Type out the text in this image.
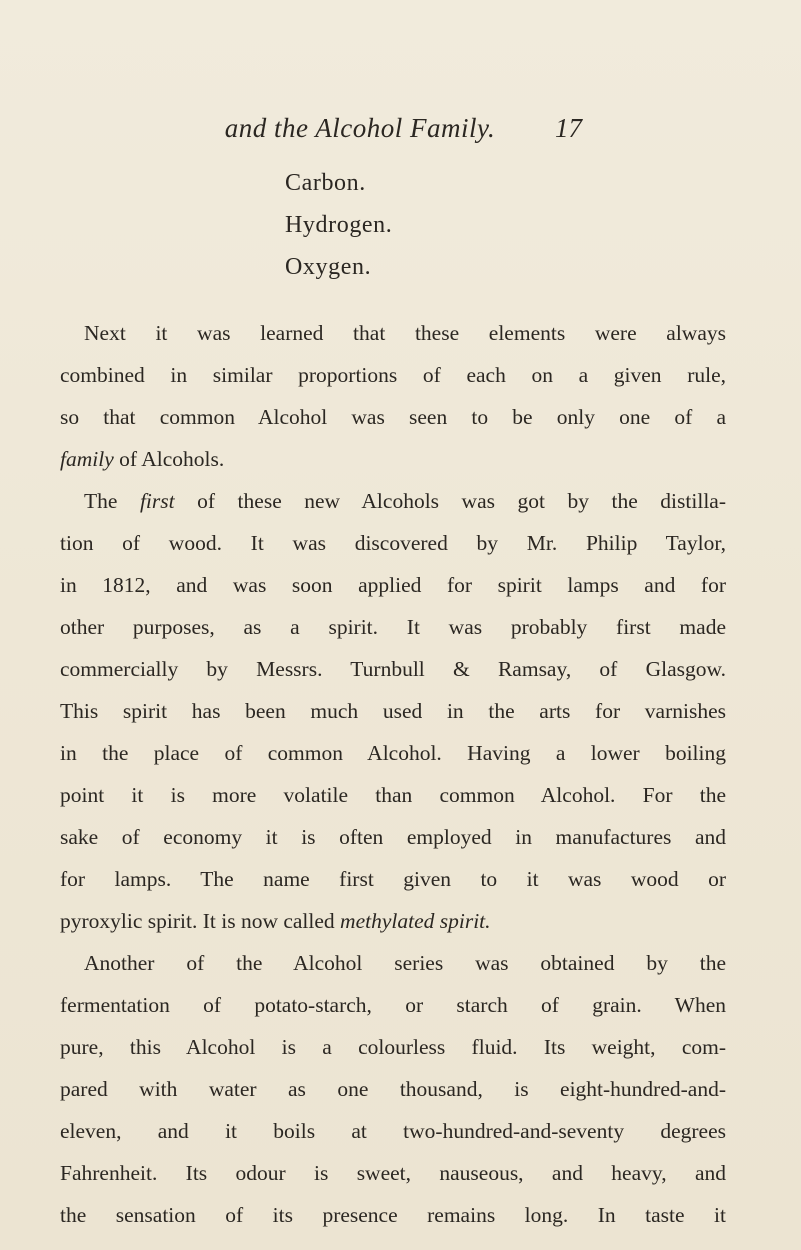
and the Alcohol Family.	17
Carbon.
Hydrogen.
Oxygen.
Next it was learned that these elements were always
combined in similar proportions of each on a given rule,
so that common Alcohol was seen to be only one of a
family of Alcohols.
The first of these new Alcohols was got by the distilla-
tion of wood. It was discovered by Mr. Philip Taylor,
in 1812, and was soon applied for spirit lamps and for
other purposes, as a spirit. It was probably first made
commercially by Messrs. Turnbull & Ramsay, of Glasgow.
This spirit has been much used in the arts for varnishes
in the place of common Alcohol. Having a lower boiling
point it is more volatile than common Alcohol. For the
sake of economy it is often employed in manufactures and
for lamps. The name first given to it was wood or
pyroxylic spirit. It is now called methylated spirit.
Another of the Alcohol series was obtained by the
fermentation of potato-starch, or starch of grain. When
pure, this Alcohol is a colourless fluid. Its weight, com-
pared with water as one thousand, is eight-hundred-and-
eleven, and it boils at two-hundred-and-seventy degrees
Fahrenheit. Its odour is sweet, nauseous, and heavy, and
the sensation of its presence remains long. In taste it
